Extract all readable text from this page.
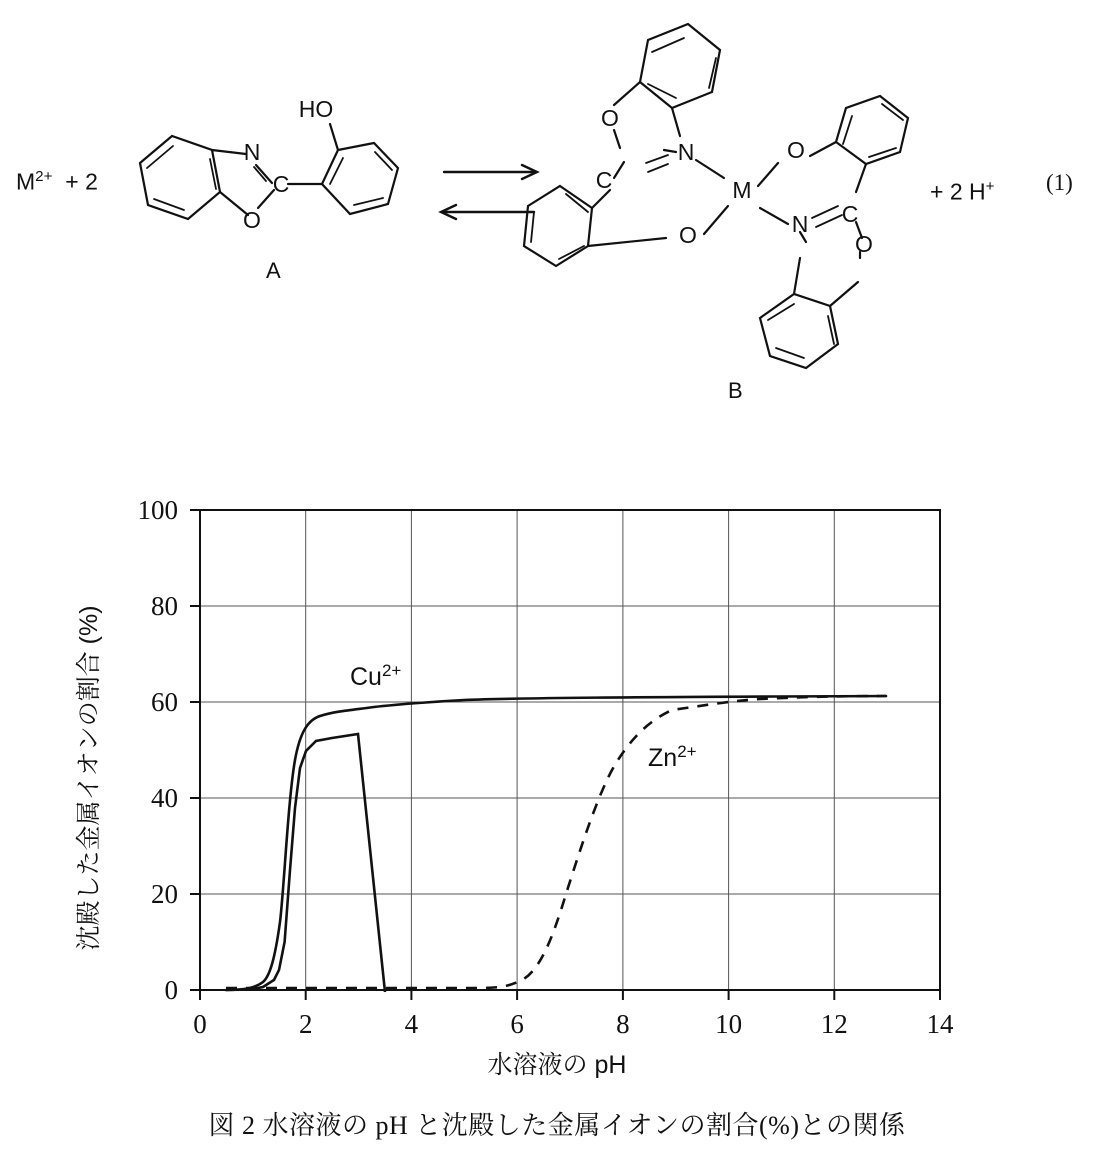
N
O
C
HO	O
N
C
O
M
O
N C
O
$M^{2+} + 2$	+ 2 H+ (1)
A
B
0
20
40
60
80
100
0	2	4	6	8	10	12	14
$Cu^{2+}$
$Zn^{2+}$
沈殿した金属イオンの割合 (%)
水溶液の pH
図 2 水溶液の pH と沈殿した金属イオンの割合(%)との関係
